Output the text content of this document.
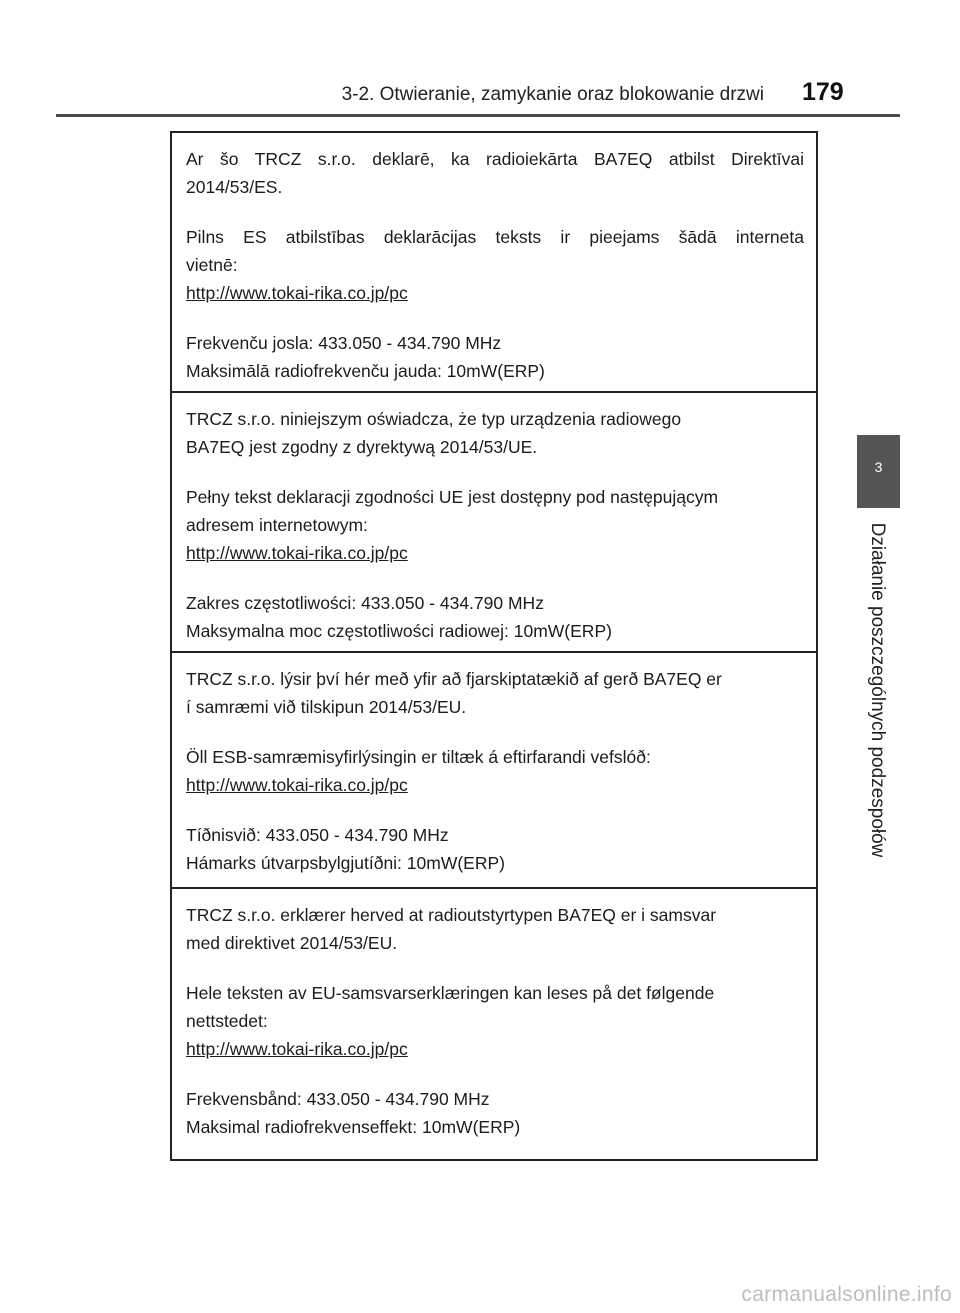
3-2. Otwieranie, zamykanie oraz blokowanie drzwi 179
3
Działanie poszczególnych podzespołów

Ar šo TRCZ s.r.o. deklarē, ka radioiekārta BA7EQ atbilst Direktīvai

2014/53/ES.

Pilns ES atbilstības deklarācijas teksts ir pieejams šādā interneta

vietnē:

http://www.tokai-rika.co.jp/pc

Frekvenču josla: 433.050 - 434.790 MHz

Maksimālā radiofrekvenču jauda: 10mW(ERP)

TRCZ s.r.o. niniejszym oświadcza, że typ urządzenia radiowego

BA7EQ jest zgodny z dyrektywą 2014/53/UE.

Pełny tekst deklaracji zgodności UE jest dostępny pod następującym

adresem internetowym:

http://www.tokai-rika.co.jp/pc

Zakres częstotliwości: 433.050 - 434.790 MHz

Maksymalna moc częstotliwości radiowej: 10mW(ERP)

TRCZ s.r.o. lýsir því hér með yfir að fjarskiptatækið af gerð BA7EQ er

í samræmi við tilskipun 2014/53/EU.

Öll ESB-samræmisyfirlýsingin er tiltæk á eftirfarandi vefslóð:

http://www.tokai-rika.co.jp/pc

Tíðnisvið: 433.050 - 434.790 MHz

Hámarks útvarpsbylgjutíðni: 10mW(ERP)

TRCZ s.r.o. erklærer herved at radioutstyrtypen BA7EQ er i samsvar

med direktivet 2014/53/EU.

Hele teksten av EU-samsvarserklæringen kan leses på det følgende

nettstedet:

http://www.tokai-rika.co.jp/pc

Frekvensbånd: 433.050 - 434.790 MHz

Maksimal radiofrekvenseffekt: 10mW(ERP)

carmanualsonline.info
